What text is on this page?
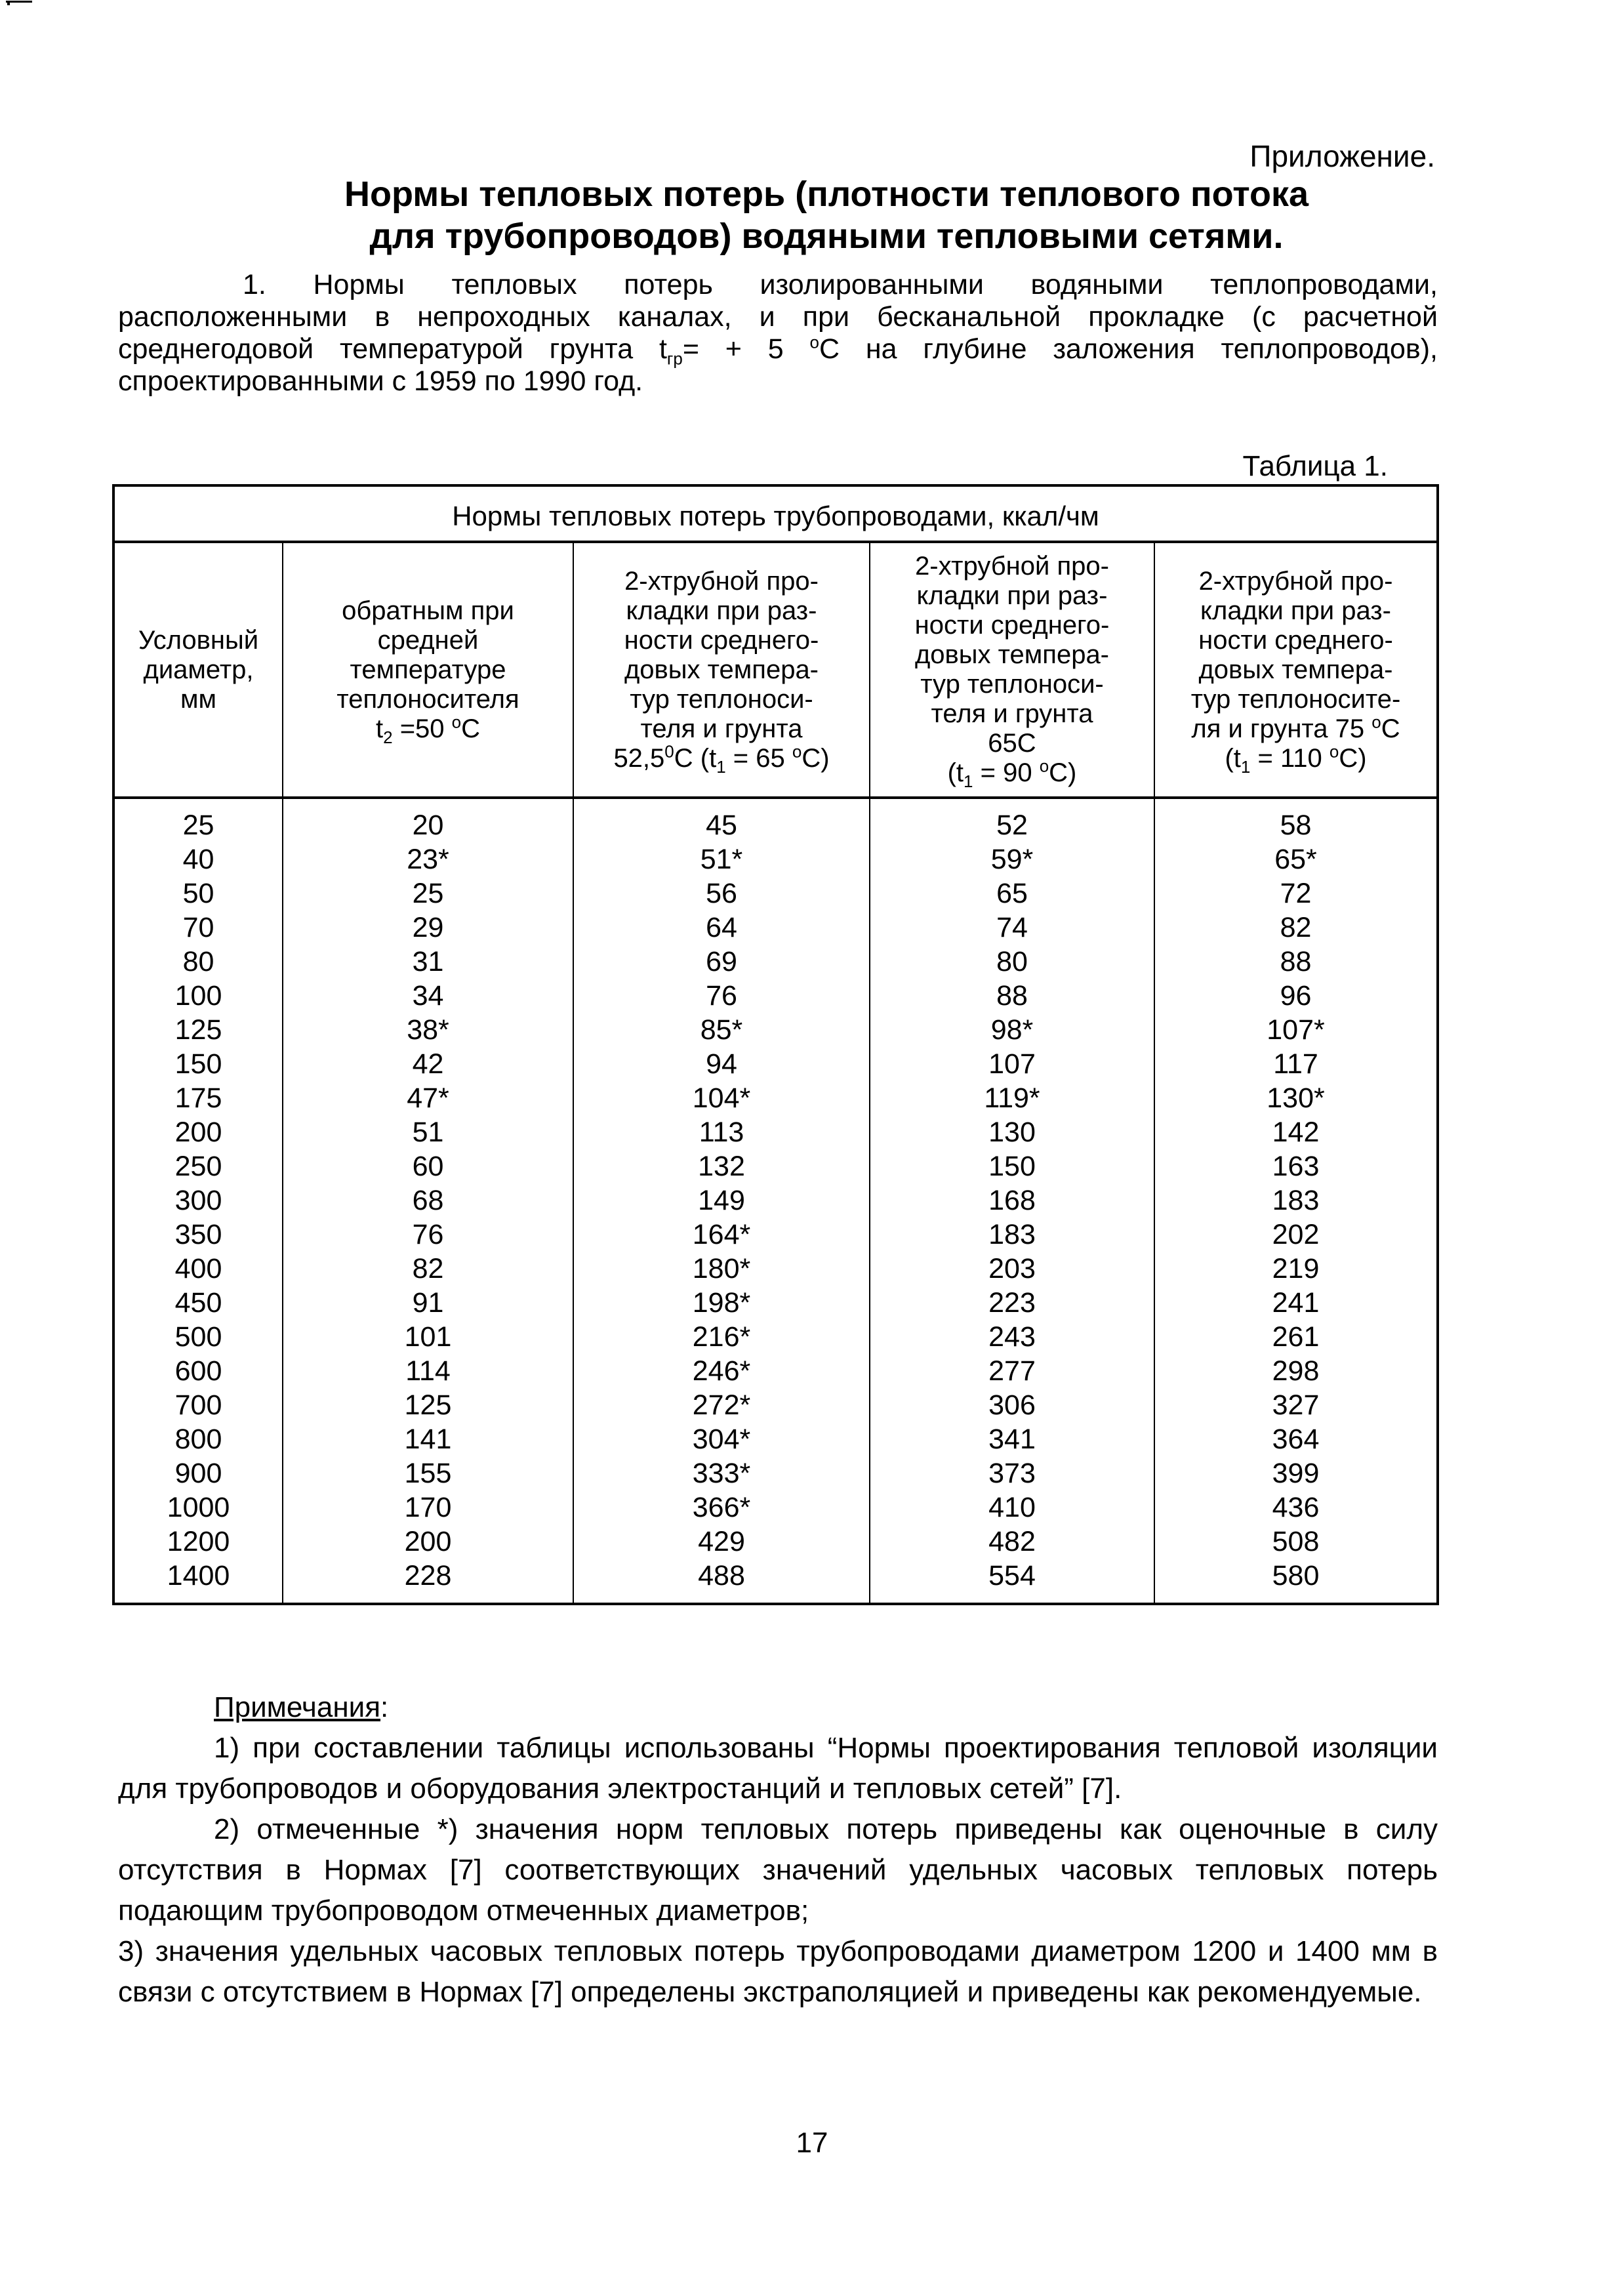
Приложение.
Нормы тепловых потерь (плотности теплового потока
для трубопроводов) водяными тепловыми сетями.
1. Нормы тепловых потерь изолированными водяными теплопроводами, расположенными в непроходных каналах, и при бесканальной прокладке (с расчетной среднегодовой температурой грунта $t_{гр}= + 5$ $^o$С на глубине заложения теплопроводов), спроектированными с 1959 по 1990 год.
Таблица 1.
Нормы тепловых потерь трубопроводами, ккал/чм
Условный
диаметр,
мм
обратным при
средней
температуре
теплоносителя
$t_2 =50$ $^o$C
2-хтрубной про-
кладки при раз-
ности среднего-
довых темпера-
тур теплоноси-
теля и грунта
52,5$^0$C ($t_1 = 65$ $^o$C)
2-хтрубной про-
кладки при раз-
ности среднего-
довых темпера-
тур теплоноси-
теля и грунта
65C
($t_1 = 90$ $^o$C)
2-хтрубной про-
кладки при раз-
ности среднего-
довых темпера-
тур теплоносите-
ля и грунта 75 $^o$C
($t_1 = 110$ $^o$C)
25
40
50
70
80
100
125
150
175
200
250
300
350
400
450
500
600
700
800
900
1000
1200
1400
20
23*
25
29
31
34
38*
42
47*
51
60
68
76
82
91
101
114
125
141
155
170
200
228
45
51*
56
64
69
76
85*
94
104*
113
132
149
164*
180*
198*
216*
246*
272*
304*
333*
366*
429
488
52
59*
65
74
80
88
98*
107
119*
130
150
168
183
203
223
243
277
306
341
373
410
482
554
58
65*
72
82
88
96
107*
117
130*
142
163
183
202
219
241
261
298
327
364
399
436
508
580

Примечания:

1) при составлении таблицы использованы “Нормы проектирования тепловой изоляции для трубопроводов и оборудования электростанций и тепловых сетей” [7].

2) отмеченные *) значения норм тепловых потерь приведены как оценочные в силу отсутствия в Нормах [7] соответствующих значений удельных часовых тепловых потерь подающим трубопроводом отмеченных диаметров;

3) значения удельных часовых тепловых потерь трубопроводами диаметром 1200 и 1400 мм в связи с отсутствием в Нормах [7] определены экстраполяцией и приведены как рекомендуемые.

17
